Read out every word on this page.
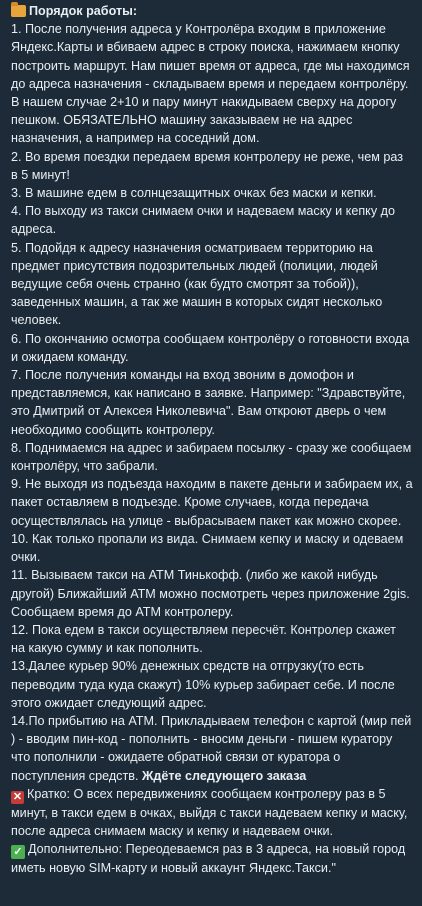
Порядок работы:

1. После получения адреса у Контролёра входим в приложение Яндекс.Карты и вбиваем адрес в строку поиска, нажимаем кнопку построить маршрут. Нам пишет время от адреса, где мы находимся до адреса назначения - складываем время и передаем контролёру. В нашем случае 2+10 и пару минут накидываем сверху на дорогу пешком. ОБЯЗАТЕЛЬНО машину заказываем не на адрес назначения, а например на соседний дом.

2. Во время поездки передаем время контролеру не реже, чем раз в 5 минут!

3. В машине едем в солнцезащитных очках без маски и кепки.

4. По выходу из такси снимаем очки и надеваем маску и кепку до адреса.

5. Подойдя к адресу назначения осматриваем территорию на предмет присутствия подозрительных людей (полиции, людей ведущие себя очень странно (как будто смотрят за тобой)), заведенных машин, а так же машин в которых сидят несколько человек.

6. По окончанию осмотра сообщаем контролёру о готовности входа и ожидаем команду.

7. После получения команды на вход звоним в домофон и представляемся, как написано в заявке. Например: "Здравствуйте, это Дмитрий от Алексея Николевича". Вам откроют дверь о чем необходимо сообщить контролеру.

8. Поднимаемся на адрес и забираем посылку - сразу же сообщаем контролёру, что забрали.

9. Не выходя из подъезда находим в пакете деньги и забираем их, а пакет оставляем в подъезде. Кроме случаев, когда передача осуществлялась на улице - выбрасываем пакет как можно скорее.

10. Как только пропали из вида. Снимаем кепку и маску и одеваем очки.

11. Вызываем такси на АТМ Тинькофф. (либо же какой нибудь другой) Ближайший АТМ можно посмотреть через приложение 2gis. Сообщаем время до АТМ контролеру.

12. Пока едем в такси осуществляем пересчёт. Контролер скажет на какую сумму и как пополнить.

13.Далее курьер 90% денежных средств на отгрузку(то есть переводим туда куда скажут) 10% курьер забирает себе. И после этого ожидает следующий адрес.

14.По прибытию на АТМ. Прикладываем телефон с картой (мир пей ) - вводим пин-код - пополнить - вносим деньги - пишем куратору что пополнили - ожидаете обратной связи от куратора о поступления средств. Ждёте следующего заказа

✕ Кратко: О всех передвижениях сообщаем контролеру раз в 5 минут, в такси едем в очках, выйдя с такси надеваем кепку и маску, после адреса снимаем маску и кепку и надеваем очки.

✓ Дополнительно: Переодеваемся раз в 3 адреса, на новый город иметь новую SIM-карту и новый аккаунт Яндекс.Такси."
